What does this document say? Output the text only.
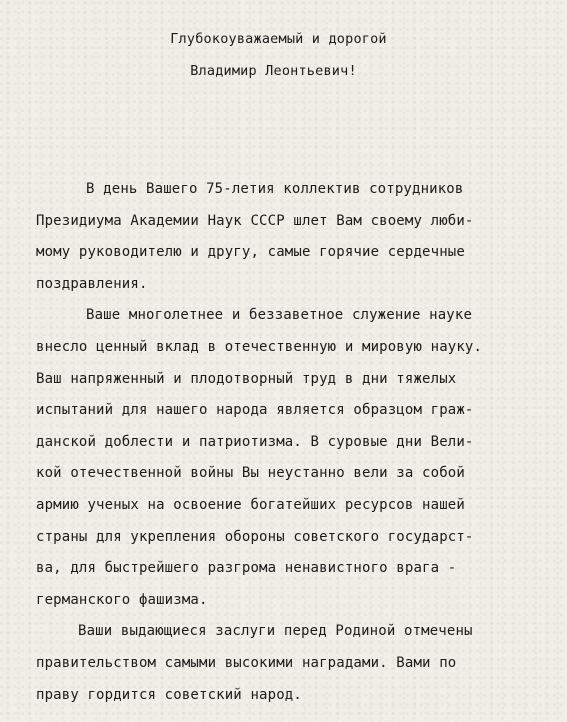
Глубокоуважаемый и дорогой
Владимир Леонтьевич!
В день Вашего 75-летия коллектив сотрудников
Президиума Академии Наук СССР шлет Вам своему люби-
мому руководителю и другу, самые горячие сердечные
поздравления.
Ваше многолетнее и беззаветное служение науке
внесло ценный вклад в отечественную и мировую науку.
Ваш напряженный и плодотворный труд в дни тяжелых
испытаний для нашего народа является образцом граж-
данской доблести и патриотизма. В суровые дни Вели-
кой отечественной войны Вы неустанно вели за собой
армию ученых на освоение богатейших ресурсов нашей
страны для укрепления обороны советского государст-
ва, для быстрейшего разгрома ненавистного врага -
германского фашизма.
Ваши выдающиеся заслуги перед Родиной отмечены
правительством самыми высокими наградами. Вами по
праву гордится советский народ.
